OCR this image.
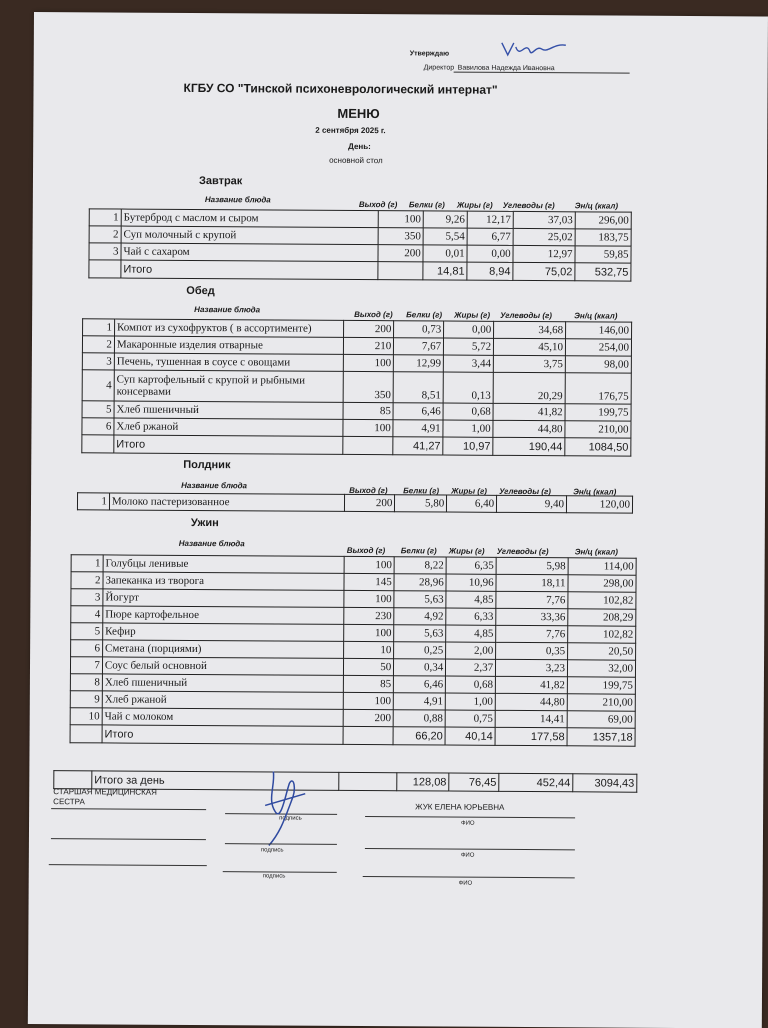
Утверждаю
Директор Вавилова Надежда Ивановна
КГБУ СО "Тинской психоневрологический интернат"
МЕНЮ
2 сентября 2025 г.
День:
основной стол
Завтрак
Название блюда
Выход (г) Белки (г) Жиры (г) Углеводы (г)	Эн/ц (ккал)
1	Бутерброд с маслом и сыром	100	9,26	12,17	37,03	296,00
2	Суп молочный с крупой	350	5,54	6,77	25,02	183,75
3	Чай с сахаром	200	0,01	0,00	12,97	59,85
	Итого		14,81	8,94	75,02	532,75
Обед
Название блюда
Выход (г) Белки (г) Жиры (г) Углеводы (г)	Эн/ц (ккал)
1	Компот из сухофруктов ( в ассортименте)	200	0,73	0,00	34,68	146,00
2	Макаронные изделия отварные	210	7,67	5,72	45,10	254,00
3	Печень, тушенная в соусе с овощами	100	12,99	3,44	3,75	98,00
4	Суп картофельный с крупой и рыбными консервами	350	8,51	0,13	20,29	176,75
5	Хлеб пшеничный	85	6,46	0,68	41,82	199,75
6	Хлеб ржаной	100	4,91	1,00	44,80	210,00
	Итого		41,27	10,97	190,44	1084,50
Полдник
Название блюда
Выход (г) Белки (г) Жиры (г) Углеводы (г)	Эн/ц (ккал)
1	Молоко пастеризованное	200	5,80	6,40	9,40	120,00
Ужин
Название блюда
Выход (г) Белки (г) Жиры (г) Углеводы (г)	Эн/ц (ккал)
1	Голубцы ленивые	100	8,22	6,35	5,98	114,00
2	Запеканка из творога	145	28,96	10,96	18,11	298,00
3	Йогурт	100	5,63	4,85	7,76	102,82
4	Пюре картофельное	230	4,92	6,33	33,36	208,29
5	Кефир	100	5,63	4,85	7,76	102,82
6	Сметана (порциями)	10	0,25	2,00	0,35	20,50
7	Соус белый основной	50	0,34	2,37	3,23	32,00
8	Хлеб пшеничный	85	6,46	0,68	41,82	199,75
9	Хлеб ржаной	100	4,91	1,00	44,80	210,00
10	Чай с молоком	200	0,88	0,75	14,41	69,00
	Итого		66,20	40,14	177,58	1357,18
	Итого за день		128,08	76,45	452,44	3094,43
СТАРШАЯ МЕДИЦИНСКАЯ СЕСТРА
подпись
ЖУК ЕЛЕНА ЮРЬЕВНА
ФИО
подпись
ФИО
подпись
ФИО
